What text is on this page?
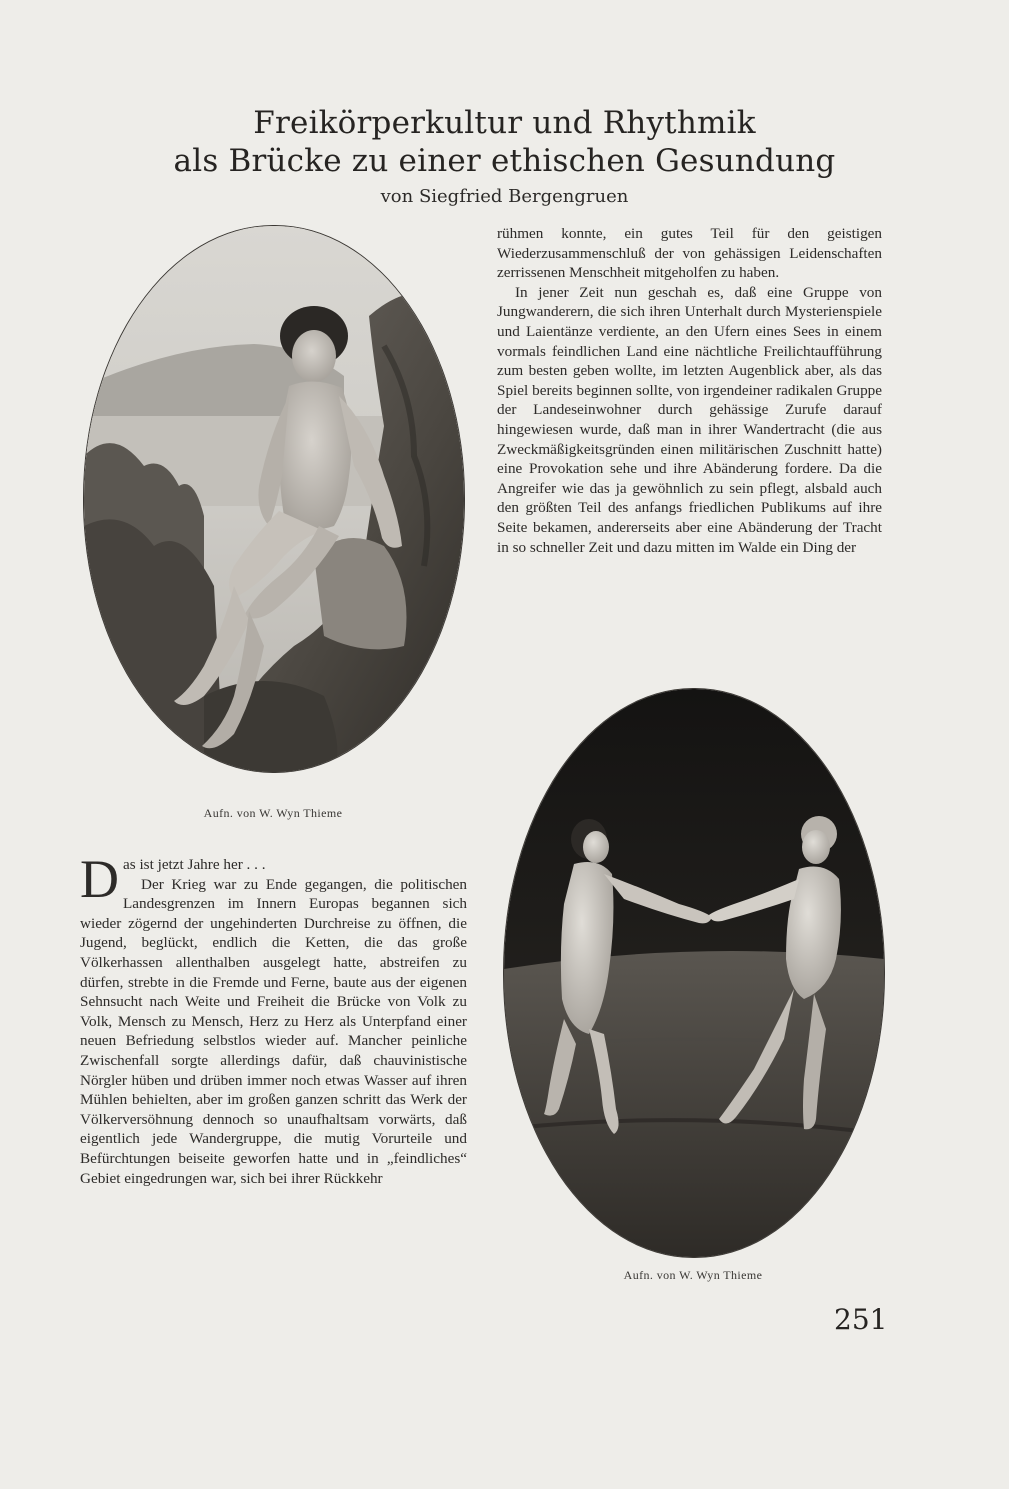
Freikörperkultur und Rhythmik
als Brücke zu einer ethischen Gesundung
von Siegfried Bergengruen
Aufn. von W. Wyn Thieme

rühmen konnte, ein gutes Teil für den geistigen Wiederzusammenschluß der von gehässigen Leidenschaften zerrissenen Menschheit mitgeholfen zu haben.

In jener Zeit nun geschah es, daß eine Gruppe von Jungwanderern, die sich ihren Unterhalt durch Mysterienspiele und Laientänze verdiente, an den Ufern eines Sees in einem vormals feindlichen Land eine nächtliche Freilichtaufführung zum besten geben wollte, im letzten Augenblick aber, als das Spiel bereits beginnen sollte, von irgendeiner radikalen Gruppe der Landeseinwohner durch gehässige Zurufe darauf hingewiesen wurde, daß man in ihrer Wandertracht (die aus Zweckmäßigkeitsgründen einen militärischen Zuschnitt hatte) eine Provokation sehe und ihre Abänderung fordere. Da die Angreifer wie das ja gewöhnlich zu sein pflegt, alsbald auch den größten Teil des anfangs friedlichen Publikums auf ihre Seite bekamen, andererseits aber eine Abänderung der Tracht in so schneller Zeit und dazu mitten im Walde ein Ding der

Aufn. von W. Wyn Thieme
D as ist jetzt Jahre her . . .

Der Krieg war zu Ende gegangen, die politischen Landesgrenzen im Innern Europas begannen sich wieder zögernd der ungehinderten Durchreise zu öffnen, die Jugend, beglückt, endlich die Ketten, die das große Völkerhassen allenthalben ausgelegt hatte, abstreifen zu dürfen, strebte in die Fremde und Ferne, baute aus der eigenen Sehnsucht nach Weite und Freiheit die Brücke von Volk zu Volk, Mensch zu Mensch, Herz zu Herz als Unterpfand einer neuen Befriedung selbstlos wieder auf. Mancher peinliche Zwischenfall sorgte allerdings dafür, daß chauvinistische Nörgler hüben und drüben immer noch etwas Wasser auf ihren Mühlen behielten, aber im großen ganzen schritt das Werk der Völkerversöhnung dennoch so unaufhaltsam vorwärts, daß eigentlich jede Wandergruppe, die mutig Vorurteile und Befürchtungen beiseite geworfen hatte und in „feindliches“ Gebiet eingedrungen war, sich bei ihrer Rückkehr

251
